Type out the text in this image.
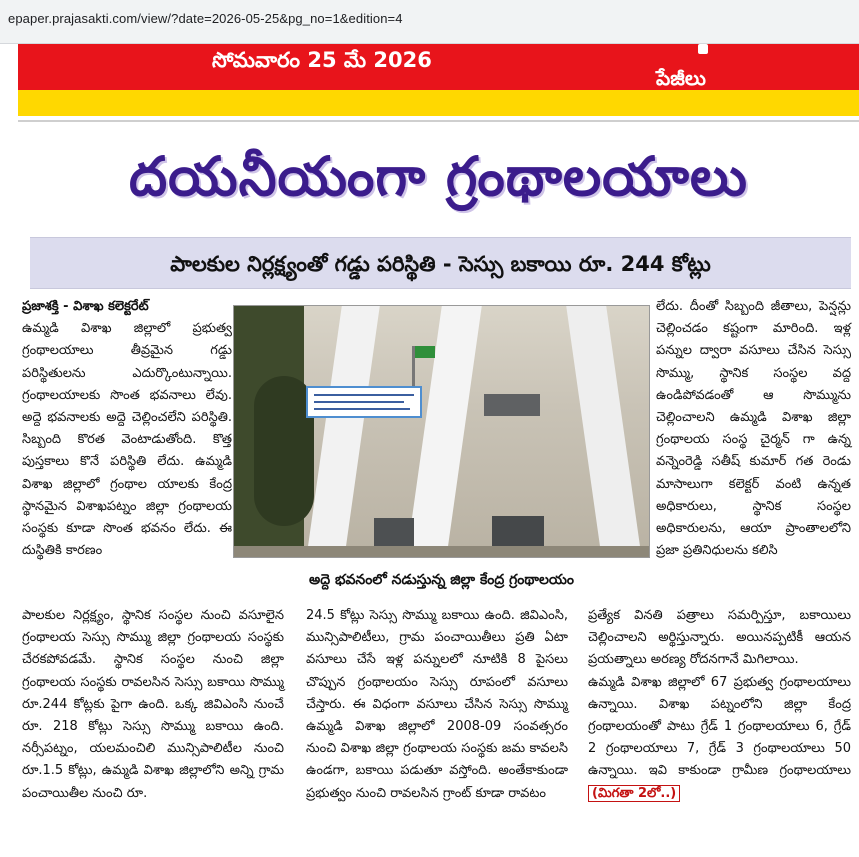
epaper.prajasakti.com/view/?date=2026-05-25&pg_no=1&edition=4
సోమవారం 25 మే 2026
పేజీలు
దయనీయంగా గ్రంథాలయాలు
పాలకుల నిర్లక్ష్యంతో గడ్డు పరిస్థితి - సెస్సు బకాయి రూ. 244 కోట్లు

ప్రజాశక్తి - విశాఖ కలెక్టరేట్

ఉమ్మడి విశాఖ జిల్లాలో ప్రభుత్వ గ్రంథాలయాలు తీవ్రమైన గడ్డు పరిస్థితులను ఎదుర్కొంటున్నాయి. గ్రంథాలయాలకు సొంత భవనాలు లేవు. అద్దె భవనాలకు అద్దె చెల్లించలేని పరిస్థితి. సిబ్బంది కొరత వెంటాడుతోంది. కొత్త పుస్తకాలు కొనే పరిస్థితి లేదు. ఉమ్మడి విశాఖ జిల్లాలో గ్రంథాల యాలకు కేంద్ర స్థానమైన విశాఖపట్నం జిల్లా గ్రంథాలయ సంస్థకు కూడా సొంత భవనం లేదు. ఈ దుస్థితికి కారణం

అద్దె భవనంలో నడుస్తున్న జిల్లా కేంద్ర గ్రంథాలయం

పాలకుల నిర్లక్ష్యం, స్థానిక సంస్థల నుంచి వసూలైన గ్రంథాలయ సెస్సు సొమ్ము జిల్లా గ్రంథాలయ సంస్థకు చేరకపోవడమే. స్థానిక సంస్థల నుంచి జిల్లా గ్రంథాలయ సంస్థకు రావలసిన సెస్సు బకాయి సొమ్ము రూ.244 కోట్లకు పైగా ఉంది. ఒక్క జివిఎంసి నుంచే రూ. 218 కోట్లు సెస్సు సొమ్ము బకాయి ఉంది. నర్సీపట్నం, యలమంచిలి మున్సిపాలిటీల నుంచి రూ.1.5 కోట్లు, ఉమ్మడి విశాఖ జిల్లాలోని అన్ని గ్రామ పంచాయితీల నుంచి రూ.

24.5 కోట్లు సెస్సు సొమ్ము బకాయి ఉంది. జివిఎంసి, మున్సిపాలిటీలు, గ్రామ పంచాయితీలు ప్రతి ఏటా వసూలు చేసే ఇళ్ల పన్నులలో నూటికి 8 పైసలు చొప్పున గ్రంథాలయం సెస్సు రూపంలో వసూలు చేస్తారు. ఈ విధంగా వసూలు చేసిన సెస్సు సొమ్ము ఉమ్మడి విశాఖ జిల్లాలో 2008-09 సంవత్సరం నుంచి విశాఖ జిల్లా గ్రంథాలయ సంస్థకు జమ కావలసి ఉండగా, బకాయి పడుతూ వస్తోంది. అంతేకాకుండా ప్రభుత్వం నుంచి రావలసిన గ్రాంట్ కూడా రావటం

లేదు. దీంతో సిబ్బంది జీతాలు, పెన్షన్లు చెల్లించడం కష్టంగా మారింది. ఇళ్ల పన్నుల ద్వారా వసూలు చేసిన సెస్సు సొమ్ము, స్థానిక సంస్థల వద్ద ఉండిపోవడంతో ఆ సొమ్మును చెల్లించాలని ఉమ్మడి విశాఖ జిల్లా గ్రంథాలయ సంస్థ చైర్మన్ గా ఉన్న వన్నెంరెడ్డి సతీష్ కుమార్ గత రెండు మాసాలుగా కలెక్టర్ వంటి ఉన్నత అధికారులు, స్థానిక సంస్థల అధికారులను, ఆయా ప్రాంతాలలోని ప్రజా ప్రతినిధులను కలిసి

ప్రత్యేక వినతి పత్రాలు సమర్పిస్తూ, బకాయిలు చెల్లించాలని అర్థిస్తున్నారు. అయినప్పటికీ ఆయన ప్రయత్నాలు అరణ్య రోదనగానే మిగిలాయి.

ఉమ్మడి విశాఖ జిల్లాలో 67 ప్రభుత్వ గ్రంథాలయాలు ఉన్నాయి. విశాఖ పట్నంలోని జిల్లా కేంద్ర గ్రంథాలయంతో పాటు గ్రేడ్ 1 గ్రంథాలయాలు 6, గ్రేడ్ 2 గ్రంథాలయాలు 7, గ్రేడ్ 3 గ్రంథాలయాలు 50 ఉన్నాయి. ఇవి కాకుండా గ్రామీణ గ్రంథాలయాలు (మిగతా 2లో..)
